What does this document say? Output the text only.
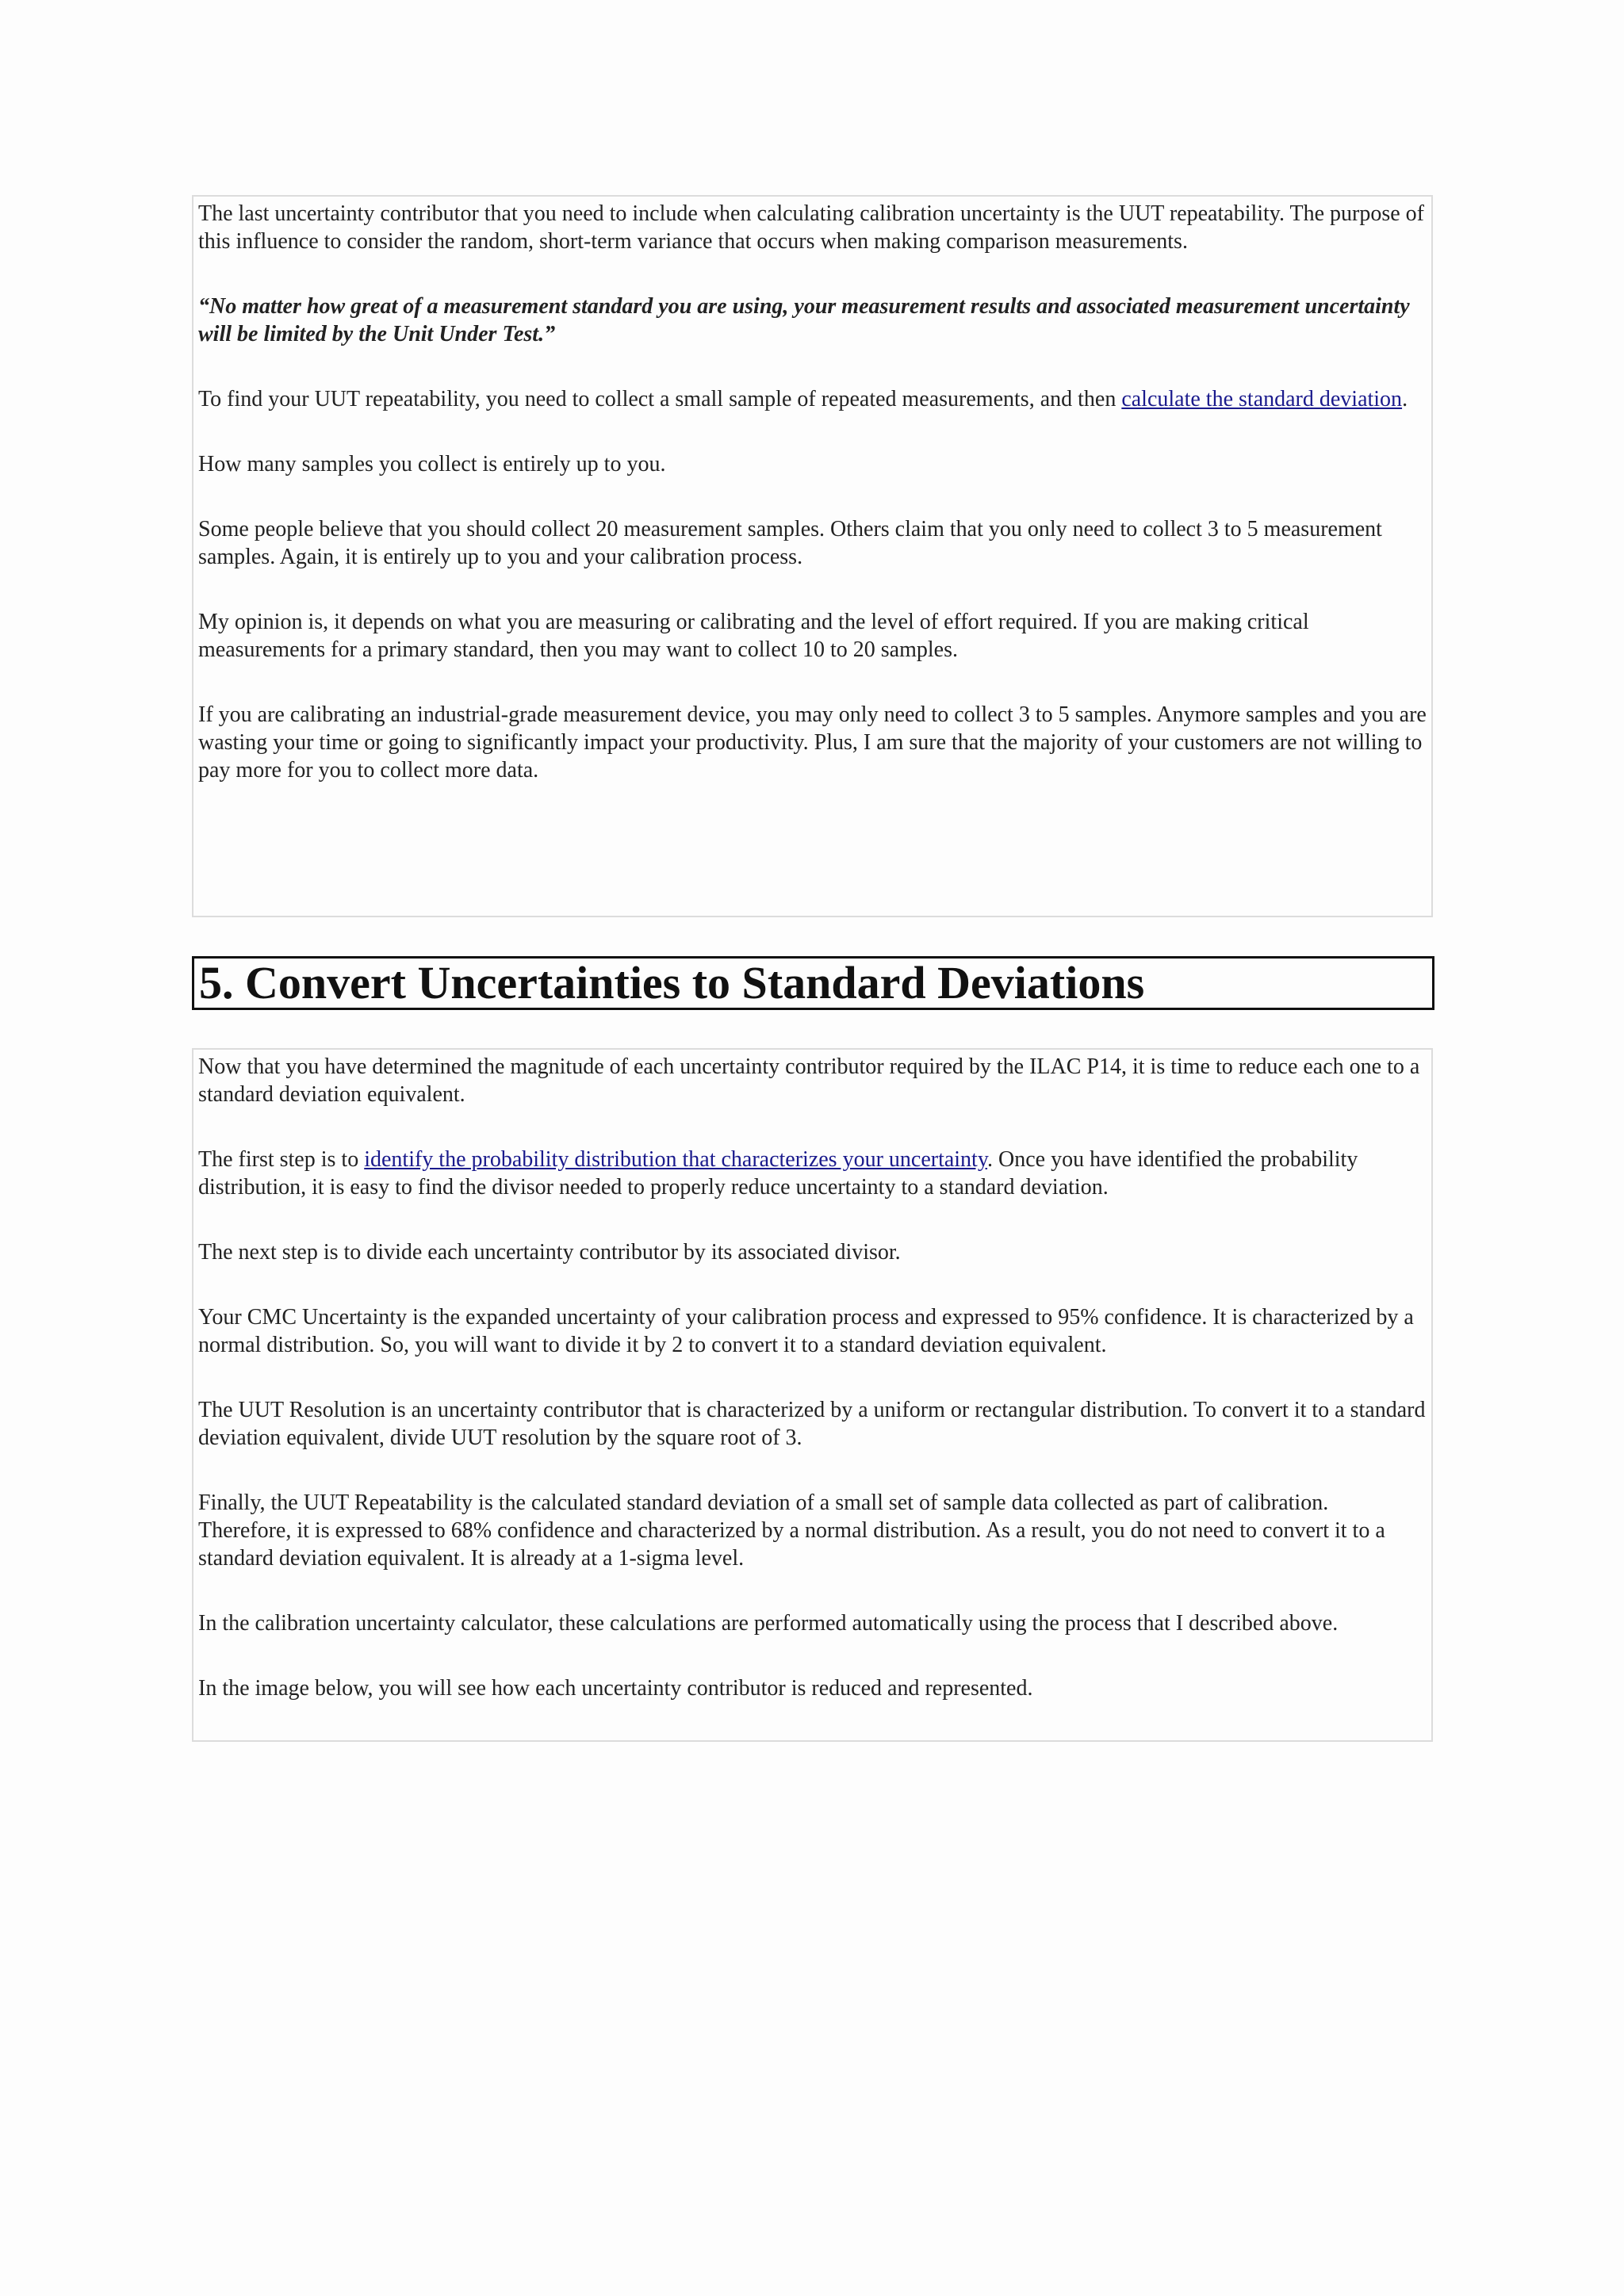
The last uncertainty contributor that you need to include when calculating calibration uncertainty is the UUT repeatability. The purpose of this influence to consider the random, short-term variance that occurs when making comparison measurements.

“No matter how great of a measurement standard you are using, your measurement results and associated measurement uncertainty will be limited by the Unit Under Test.”

To find your UUT repeatability, you need to collect a small sample of repeated measurements, and then calculate the standard deviation.

How many samples you collect is entirely up to you.

Some people believe that you should collect 20 measurement samples. Others claim that you only need to collect 3 to 5 measurement samples. Again, it is entirely up to you and your calibration process.

My opinion is, it depends on what you are measuring or calibrating and the level of effort required. If you are making critical measurements for a primary standard, then you may want to collect 10 to 20 samples.

If you are calibrating an industrial-grade measurement device, you may only need to collect 3 to 5 samples. Anymore samples and you are wasting your time or going to significantly impact your productivity. Plus, I am sure that the majority of your customers are not willing to pay more for you to collect more data.

5. Convert Uncertainties to Standard Deviations

Now that you have determined the magnitude of each uncertainty contributor required by the ILAC P14, it is time to reduce each one to a standard deviation equivalent.

The first step is to identify the probability distribution that characterizes your uncertainty. Once you have identified the probability distribution, it is easy to find the divisor needed to properly reduce uncertainty to a standard deviation.

The next step is to divide each uncertainty contributor by its associated divisor.

Your CMC Uncertainty is the expanded uncertainty of your calibration process and expressed to 95% confidence. It is characterized by a normal distribution. So, you will want to divide it by 2 to convert it to a standard deviation equivalent.

The UUT Resolution is an uncertainty contributor that is characterized by a uniform or rectangular distribution. To convert it to a standard deviation equivalent, divide UUT resolution by the square root of 3.

Finally, the UUT Repeatability is the calculated standard deviation of a small set of sample data collected as part of calibration. Therefore, it is expressed to 68% confidence and characterized by a normal distribution. As a result, you do not need to convert it to a standard deviation equivalent. It is already at a 1-sigma level.

In the calibration uncertainty calculator, these calculations are performed automatically using the process that I described above.

In the image below, you will see how each uncertainty contributor is reduced and represented.
